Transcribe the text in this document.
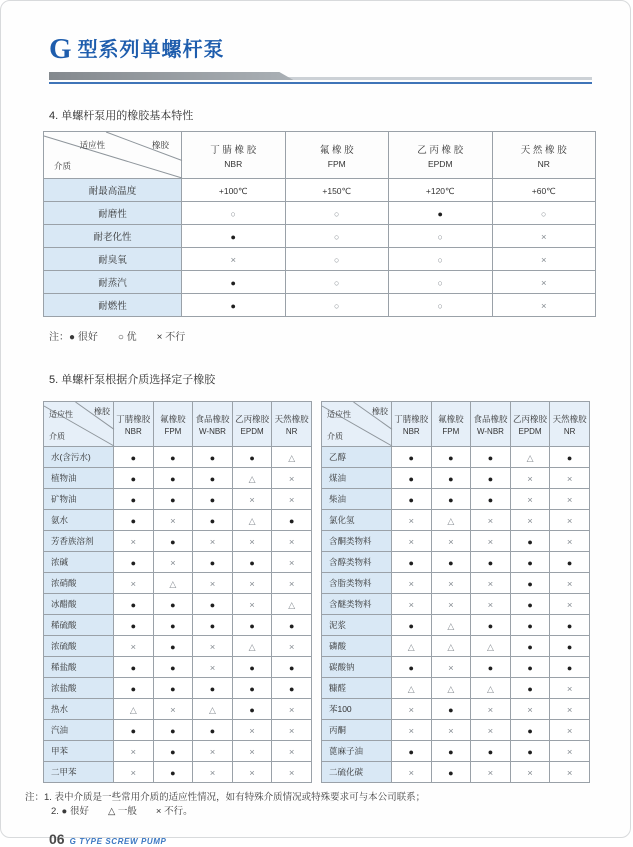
G 型系列单螺杆泵
4. 单螺杆泵用的橡胶基本特性
适应性	橡胶
介质

丁 腈 橡 胶
NBR

氟 橡 胶
FPM

乙 丙 橡 胶
EPDM

天 然 橡 胶
NR

耐最高温度	+100℃	+150℃	+120℃	+60℃
耐磨性	○	○	●	○
耐老化性	●	○	○	×
耐臭氧	×	○	○	×
耐蒸汽	●	○	○	×
耐燃性	●	○	○	×
注：● 很好　　○ 优　　× 不行
5. 单螺杆泵根据介质选择定子橡胶
适应性	橡胶
介质

丁腈橡胶
NBR

氟橡胶
FPM

食品橡胶
W-NBR

乙丙橡胶
EPDM

天然橡胶
NR

水(含污水)	●	●	●	●	△
植物油	●	●	●	△	×
矿物油	●	●	●	×	×
氨水	●	×	●	△	●
芳香族溶剂	×	●	×	×	×
浓碱	●	×	●	●	×
浓硝酸	×	△	×	×	×
冰醋酸	●	●	●	×	△
稀硫酸	●	●	●	●	●
浓硫酸	×	●	×	△	×
稀盐酸	●	●	×	●	●
浓盐酸	●	●	●	●	●
热水	△	×	△	●	×
汽油	●	●	●	×	×
甲苯	×	●	×	×	×
二甲苯	×	●	×	×	×
适应性	橡胶
介质

丁腈橡胶
NBR

氟橡胶
FPM

食品橡胶
W-NBR

乙丙橡胶
EPDM

天然橡胶
NR

乙醇	●	●	●	△	●
煤油	●	●	●	×	×
柴油	●	●	●	×	×
氯化氢	×	△	×	×	×
含酮类物料	×	×	×	●	×
含醇类物料	●	●	●	●	●
含脂类物料	×	×	×	●	×
含醚类物料	×	×	×	●	×
泥浆	●	△	●	●	●
磷酸	△	△	△	●	●
碳酸钠	●	×	●	●	●
糠醛	△	△	△	●	×
苯100	×	●	×	×	×
丙酮	×	×	×	●	×
蓖麻子油	●	●	●	●	×
二硫化碳	×	●	×	×	×
注：1. 表中介质是一些常用介质的适应性情况，如有特殊介质情况或特殊要求可与本公司联系；
2. ● 很好　　△ 一般　　× 不行。
06 G TYPE SCREW PUMP
